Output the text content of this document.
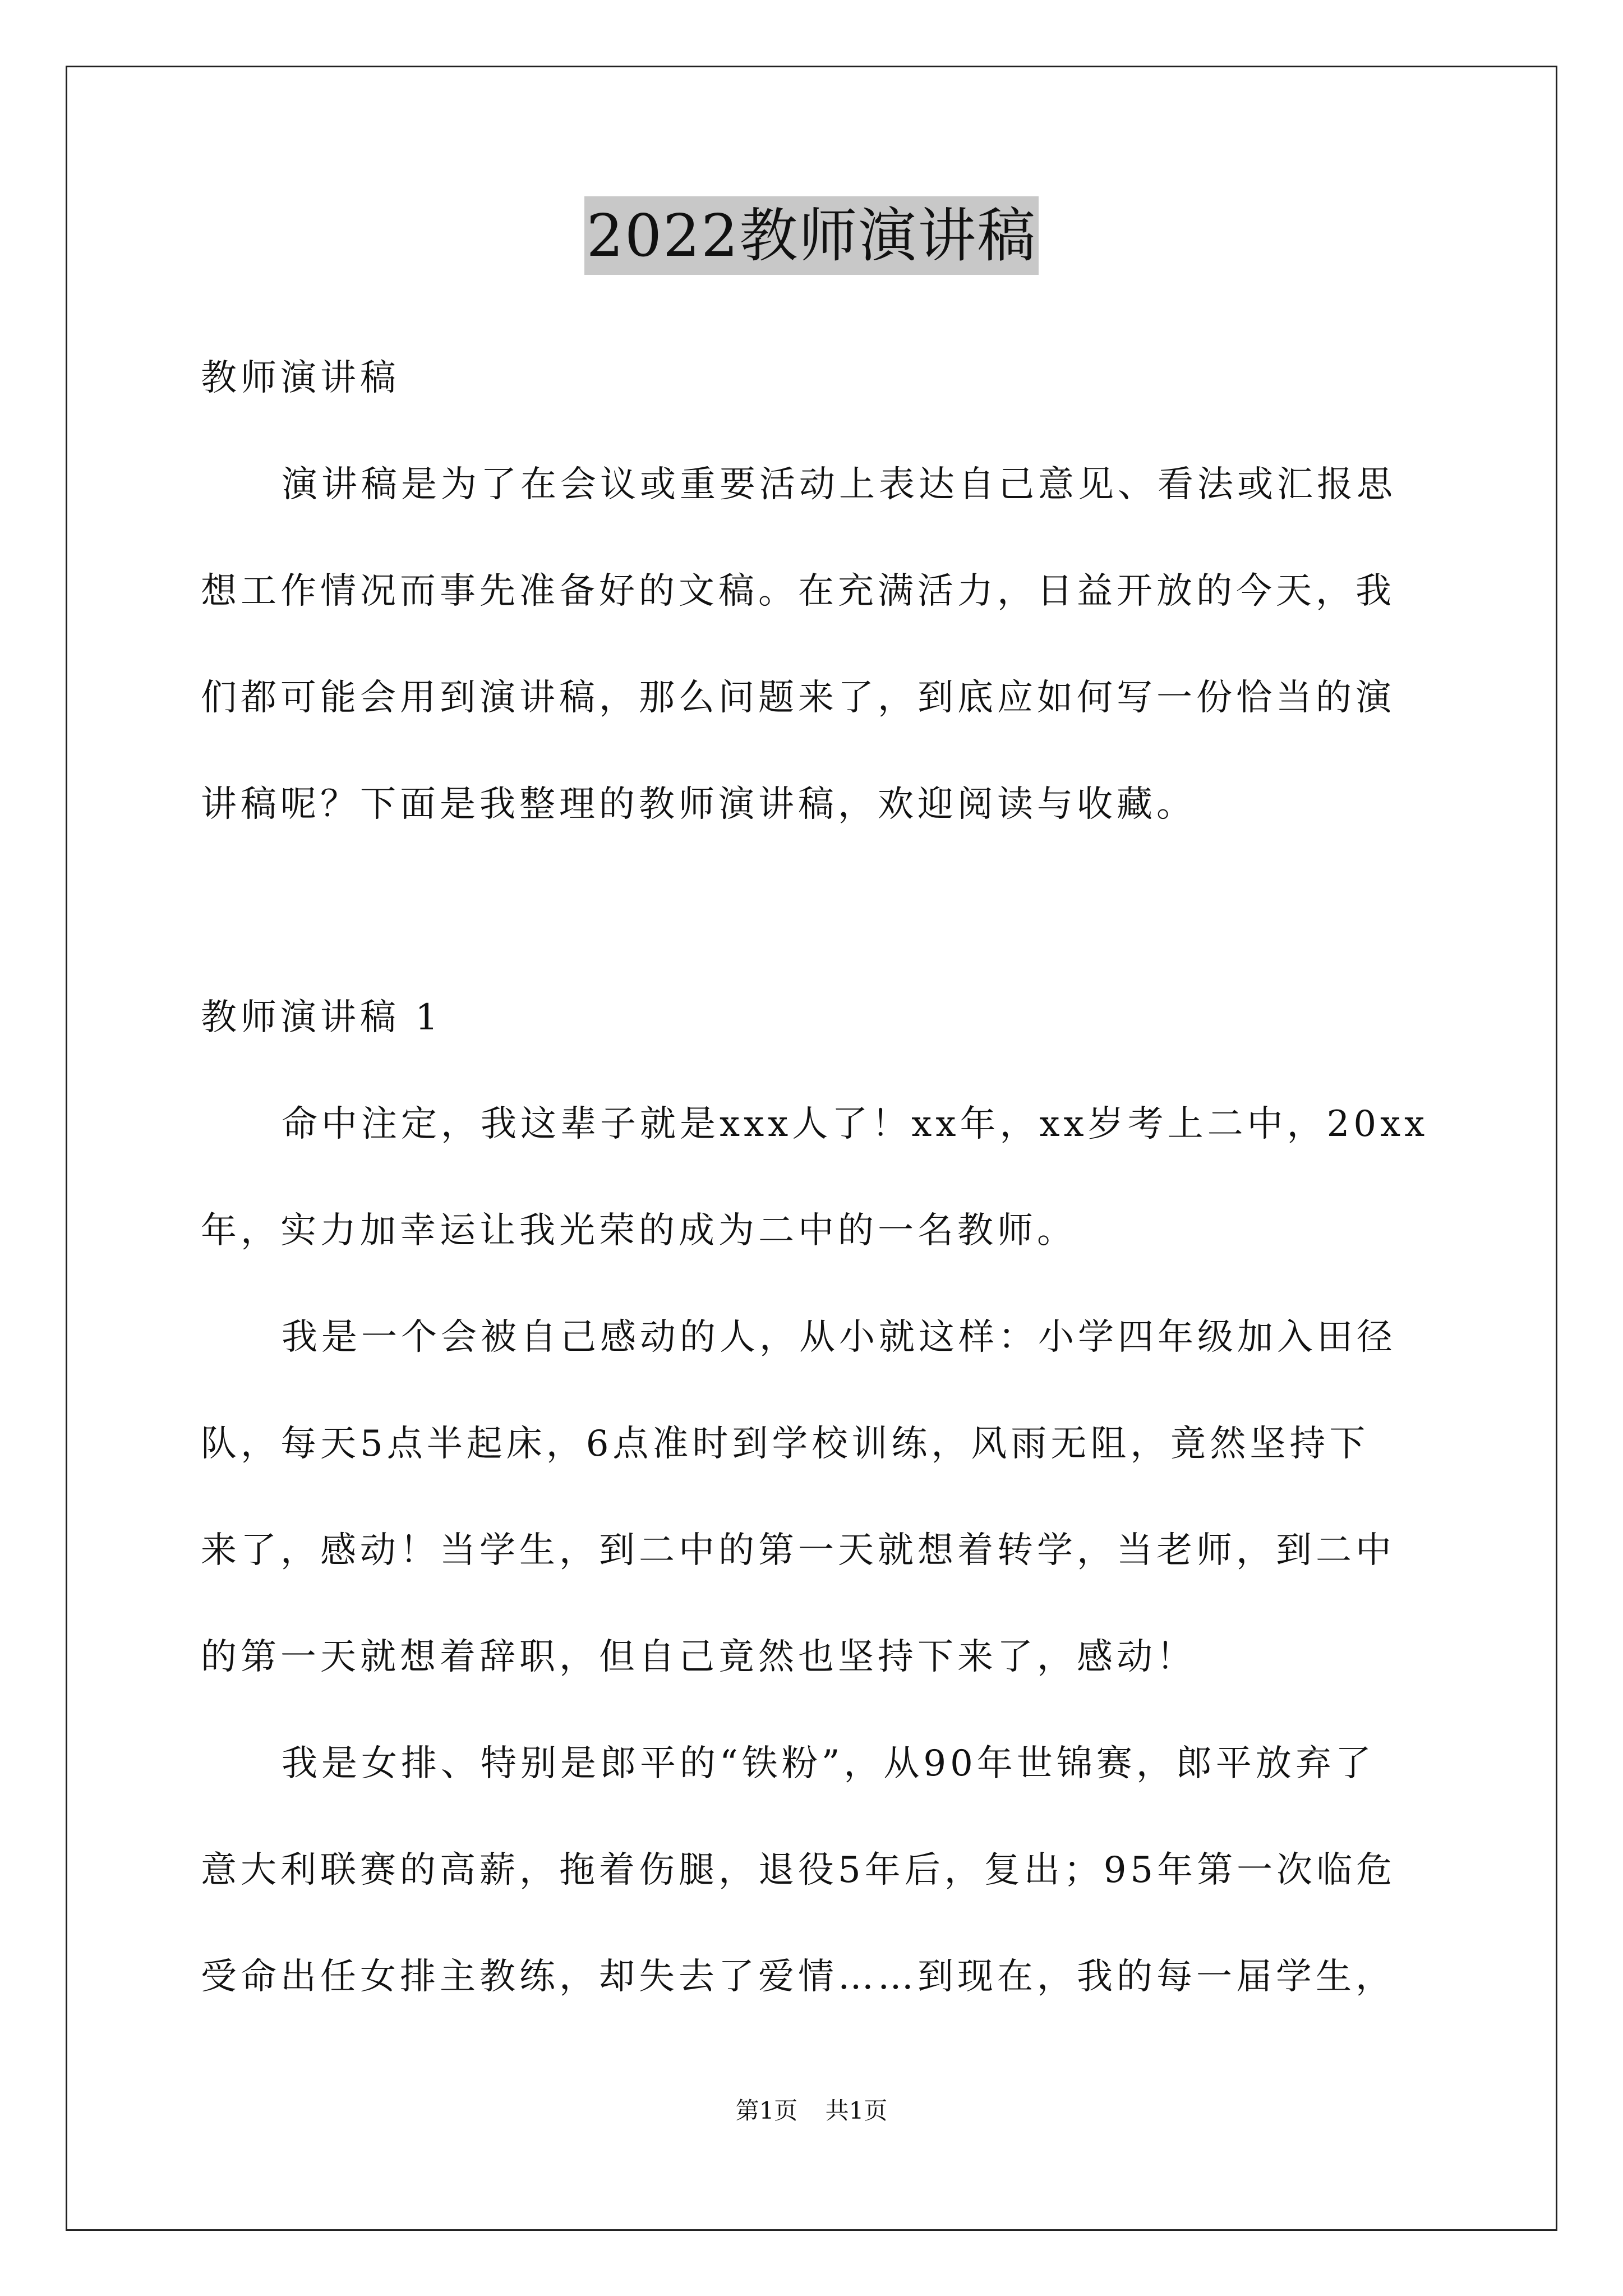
2022教师演讲稿
教师演讲稿
演讲稿是为了在会议或重要活动上表达自己意见、看法或汇报思
想工作情况而事先准备好的文稿。在充满活力，日益开放的今天，我
们都可能会用到演讲稿，那么问题来了，到底应如何写一份恰当的演
讲稿呢？下面是我整理的教师演讲稿，欢迎阅读与收藏。
教师演讲稿 1
命中注定，我这辈子就是xxx人了！xx年，xx岁考上二中，20xx
年，实力加幸运让我光荣的成为二中的一名教师。
我是一个会被自己感动的人，从小就这样：小学四年级加入田径
队，每天5点半起床，6点准时到学校训练，风雨无阻，竟然坚持下
来了，感动！当学生，到二中的第一天就想着转学，当老师，到二中
的第一天就想着辞职，但自己竟然也坚持下来了，感动！
我是女排、特别是郎平的“铁粉”，从90年世锦赛，郎平放弃了
意大利联赛的高薪，拖着伤腿，退役5年后，复出；95年第一次临危
受命出任女排主教练，却失去了爱情……到现在，我的每一届学生，
第1页 共1页
